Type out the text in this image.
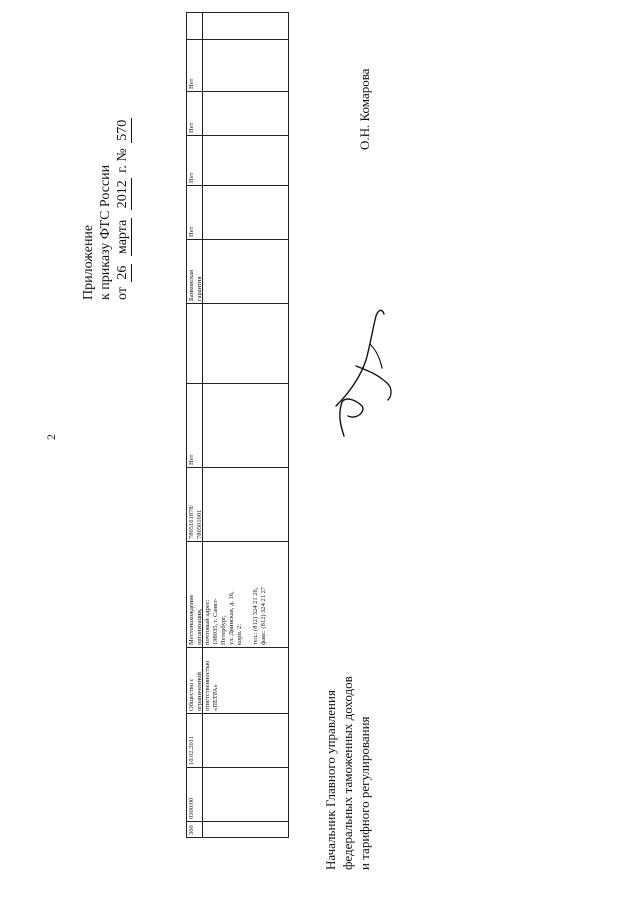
2
Приложение к приказу ФТС России от 26 марта 2012 г. № 570
300
0300/00
10.02.2011
Общество с
ограниченной
ответственностью
«ПЕТРА»
Местонахождение
организации,
почтовый адрес:
198035, г. Санкт-
Петербург,
ул. Двинская, д. 16,
корп. 2;

тел.: (812) 324 21 26,
факс: (812) 324 21 27
7805161878/
780501001
Нет
Банковская
гарантия
Нет
Нет
Нет
Нет	О.Н. Комарова
Начальник Главного управления федеральных таможенных доходов и тарифного регулирования
